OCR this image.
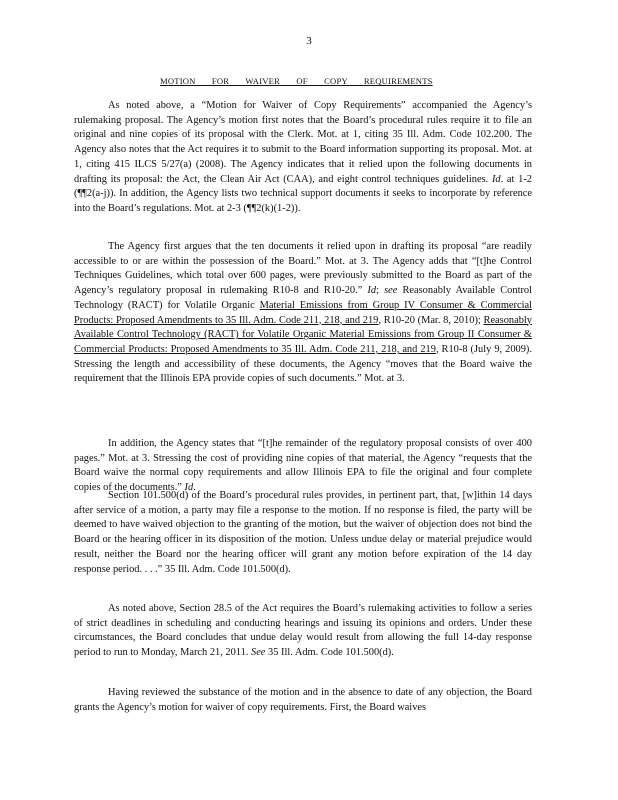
3
MOTION FOR WAIVER OF COPY REQUIREMENTS

As noted above, a “Motion for Waiver of Copy Requirements” accompanied the Agency’s rulemaking proposal. The Agency’s motion first notes that the Board’s procedural rules require it to file an original and nine copies of its proposal with the Clerk. Mot. at 1, citing 35 Ill. Adm. Code 102.200. The Agency also notes that the Act requires it to submit to the Board information supporting its proposal. Mot. at 1, citing 415 ILCS 5/27(a) (2008). The Agency indicates that it relied upon the following documents in drafting its proposal: the Act, the Clean Air Act (CAA), and eight control techniques guidelines. Id. at 1-2 (¶¶2(a-j)). In addition, the Agency lists two technical support documents it seeks to incorporate by reference into the Board’s regulations. Mot. at 2-3 (¶¶2(k)(1-2)).

The Agency first argues that the ten documents it relied upon in drafting its proposal “are readily accessible to or are within the possession of the Board.” Mot. at 3. The Agency adds that “[t]he Control Techniques Guidelines, which total over 600 pages, were previously submitted to the Board as part of the Agency’s regulatory proposal in rulemaking R10-8 and R10-20.” Id; see Reasonably Available Control Technology (RACT) for Volatile Organic Material Emissions from Group IV Consumer & Commercial Products: Proposed Amendments to 35 Ill. Adm. Code 211, 218, and 219, R10-20 (Mar. 8, 2010); Reasonably Available Control Technology (RACT) for Volatile Organic Material Emissions from Group II Consumer & Commercial Products: Proposed Amendments to 35 Ill. Adm. Code 211, 218, and 219, R10-8 (July 9, 2009). Stressing the length and accessibility of these documents, the Agency “moves that the Board waive the requirement that the Illinois EPA provide copies of such documents.” Mot. at 3.

In addition, the Agency states that “[t]he remainder of the regulatory proposal consists of over 400 pages.” Mot. at 3. Stressing the cost of providing nine copies of that material, the Agency “requests that the Board waive the normal copy requirements and allow Illinois EPA to file the original and four complete copies of the documents.” Id.

Section 101.500(d) of the Board’s procedural rules provides, in pertinent part, that, [w]ithin 14 days after service of a motion, a party may file a response to the motion. If no response is filed, the party will be deemed to have waived objection to the granting of the motion, but the waiver of objection does not bind the Board or the hearing officer in its disposition of the motion. Unless undue delay or material prejudice would result, neither the Board nor the hearing officer will grant any motion before expiration of the 14 day response period. . . .” 35 Ill. Adm. Code 101.500(d).

As noted above, Section 28.5 of the Act requires the Board’s rulemaking activities to follow a series of strict deadlines in scheduling and conducting hearings and issuing its opinions and orders. Under these circumstances, the Board concludes that undue delay would result from allowing the full 14-day response period to run to Monday, March 21, 2011. See 35 Ill. Adm. Code 101.500(d).

Having reviewed the substance of the motion and in the absence to date of any objection, the Board grants the Agency’s motion for waiver of copy requirements. First, the Board waives
